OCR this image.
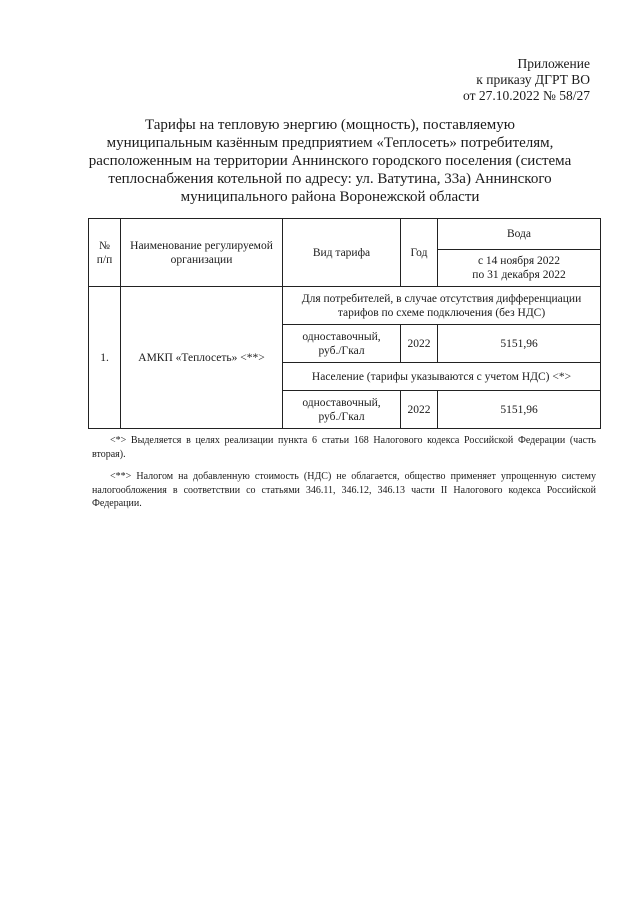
Приложение
к приказу ДГРТ ВО
от 27.10.2022 № 58/27
Тарифы на тепловую энергию (мощность), поставляемую
муниципальным казённым предприятием «Теплосеть» потребителям,
расположенным на территории Аннинского городского поселения (система
теплоснабжения котельной по адресу: ул. Ватутина, 33а) Аннинского
муниципального района Воронежской области
№
п/п	Наименование регулируемой организации	Вид тарифа	Год	Вода

				с 14 ноября 2022
по 31 декабря 2022

1.	АМКП «Теплосеть» <**>	Для потребителей, в случае отсутствия дифференциации тарифов по схеме подключения (без НДС)		

		одноставочный,
руб./Гкал	2022	5151,96
		Население (тарифы указываются с учетом НДС) <*>		

		одноставочный,
руб./Гкал	2022	5151,96

<*> Выделяется в целях реализации пункта 6 статьи 168 Налогового кодекса Российской Федерации (часть вторая).

<**> Налогом на добавленную стоимость (НДС) не облагается, общество применяет упрощенную систему налогообложения в соответствии со статьями 346.11, 346.12, 346.13 части II Налогового кодекса Российской Федерации.
